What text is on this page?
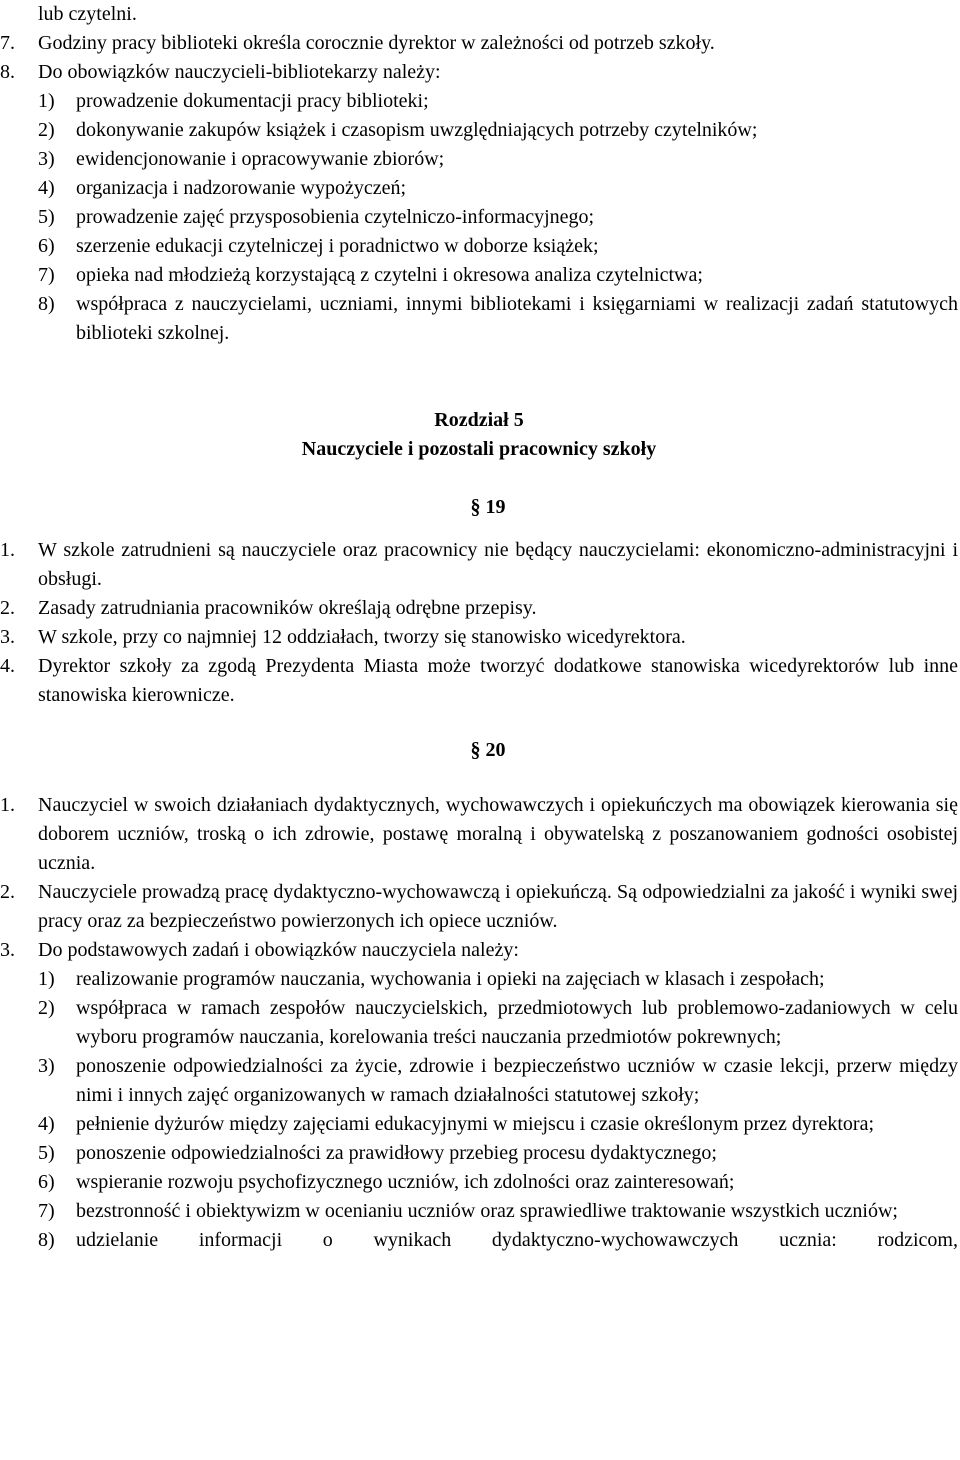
lub czytelni.

7. Godziny pracy biblioteki określa corocznie dyrektor w zależności od potrzeb szkoły.
8. Do obowiązków nauczycieli-bibliotekarzy należy:
1)	prowadzenie dokumentacji pracy biblioteki;
2)	dokonywanie zakupów książek i czasopism uwzględniających potrzeby czytelników;
3)	ewidencjonowanie i opracowywanie zbiorów;
4)	organizacja i nadzorowanie wypożyczeń;
5)	prowadzenie zajęć przysposobienia czytelniczo-informacyjnego;
6)	szerzenie edukacji czytelniczej i poradnictwo w doborze książek;
7)	opieka nad młodzieżą korzystającą z czytelni i okresowa analiza czytelnictwa;
8)	współpraca z nauczycielami, uczniami, innymi bibliotekami i księgarniami w realizacji zadań statutowych biblioteki szkolnej.
Rozdział 5
Nauczyciele i pozostali pracownicy szkoły
§ 19
1. W szkole zatrudnieni są nauczyciele oraz pracownicy nie będący nauczycielami: ekonomiczno-administracyjni i obsługi.
2. Zasady zatrudniania pracowników określają odrębne przepisy.
3. W szkole, przy co najmniej 12 oddziałach, tworzy się stanowisko wicedyrektora.
4. Dyrektor szkoły za zgodą Prezydenta Miasta może tworzyć dodatkowe stanowiska wicedyrektorów lub inne stanowiska kierownicze.
§ 20
1. Nauczyciel w swoich działaniach dydaktycznych, wychowawczych i opiekuńczych ma obowiązek kierowania się doborem uczniów, troską o ich zdrowie, postawę moralną i obywatelską z poszanowaniem godności osobistej ucznia.
2. Nauczyciele prowadzą pracę dydaktyczno-wychowawczą i opiekuńczą. Są odpowiedzialni za jakość i wyniki swej pracy oraz za bezpieczeństwo powierzonych ich opiece uczniów.
3. Do podstawowych zadań i obowiązków nauczyciela należy:
1)	realizowanie programów nauczania, wychowania i opieki na zajęciach w klasach i zespołach;
2)	współpraca w ramach zespołów nauczycielskich, przedmiotowych lub problemowo-zadaniowych w celu wyboru programów nauczania, korelowania treści nauczania przedmiotów pokrewnych;
3)	ponoszenie odpowiedzialności za życie, zdrowie i bezpieczeństwo uczniów w czasie lekcji, przerw między nimi i innych zajęć organizowanych w ramach działalności statutowej szkoły;
4)	pełnienie dyżurów między zajęciami edukacyjnymi w miejscu i czasie określonym przez dyrektora;
5)	ponoszenie odpowiedzialności za prawidłowy przebieg procesu dydaktycznego;
6)	wspieranie rozwoju psychofizycznego uczniów, ich zdolności oraz zainteresowań;
7)	bezstronność i obiektywizm w ocenianiu uczniów oraz sprawiedliwe traktowanie wszystkich uczniów;
8)	udzielanie informacji o wynikach dydaktyczno-wychowawczych ucznia: rodzicom,
